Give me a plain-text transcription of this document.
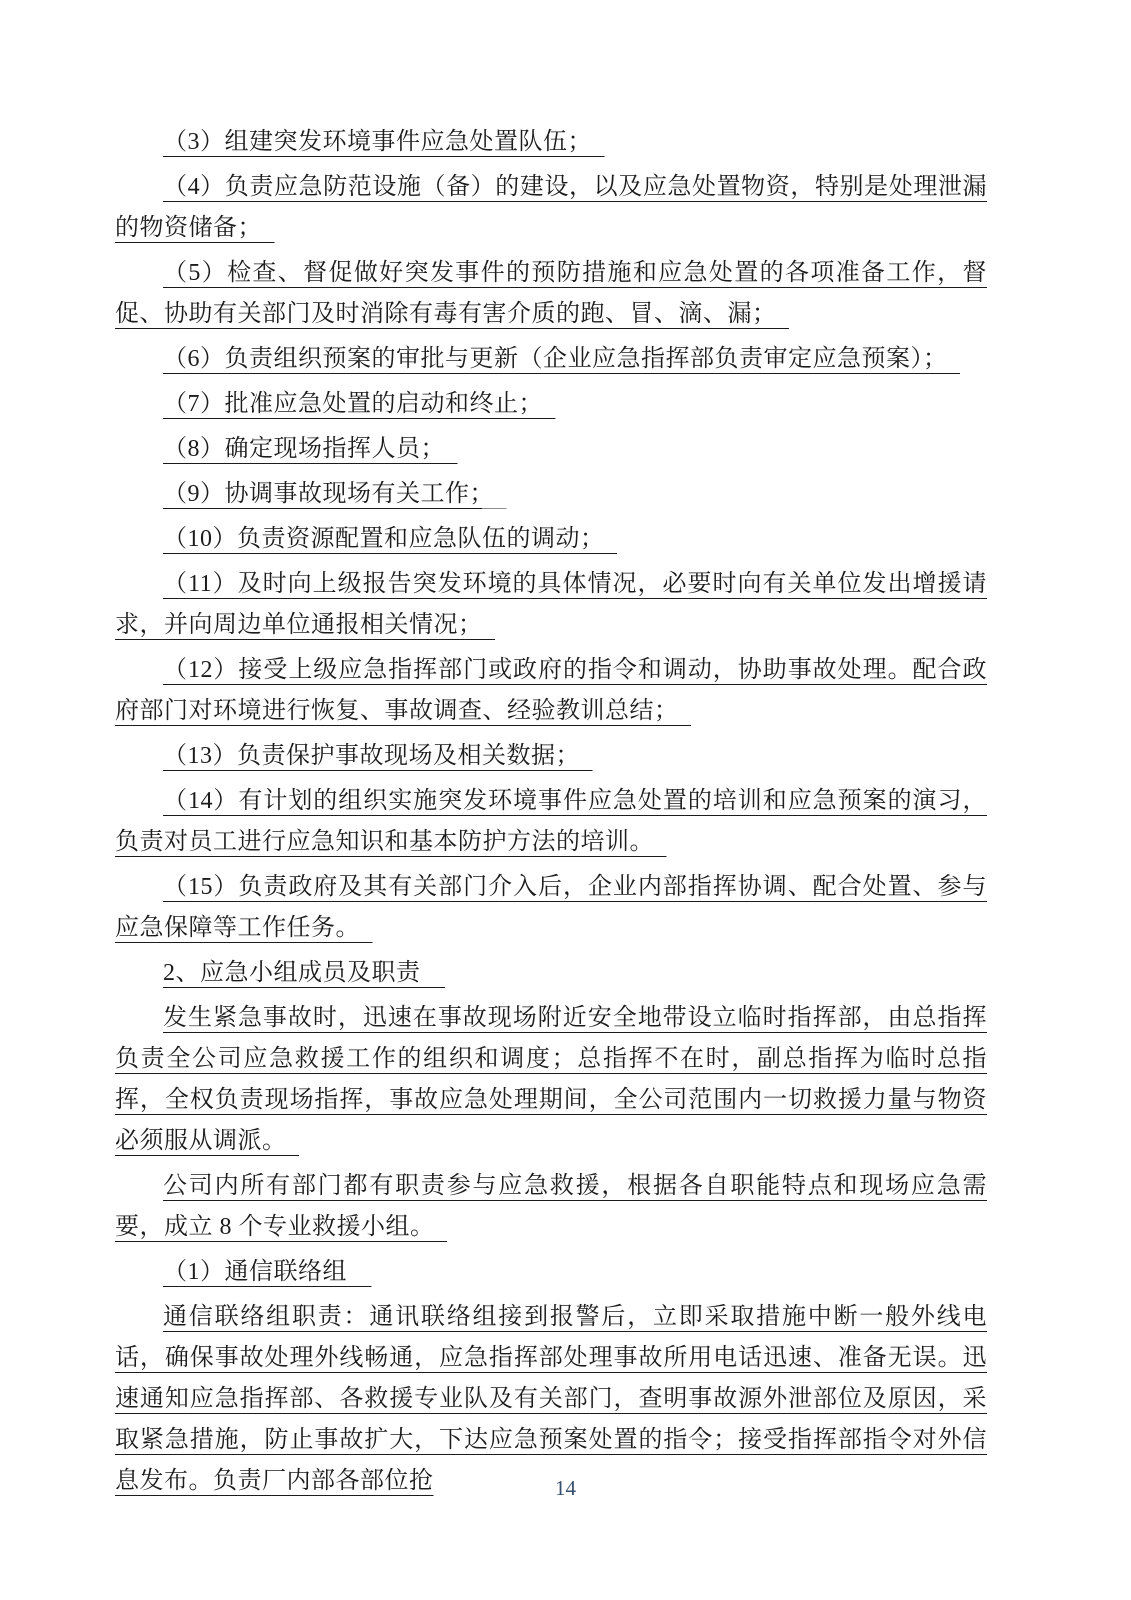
（3）组建突发环境事件应急处置队伍；

（4）负责应急防范设施（备）的建设，以及应急处置物资，特别是处理泄漏的物资储备；

（5）检查、督促做好突发事件的预防措施和应急处置的各项准备工作，督促、协助有关部门及时消除有毒有害介质的跑、冒、滴、漏；

（6）负责组织预案的审批与更新（企业应急指挥部负责审定应急预案）；

（7）批准应急处置的启动和终止；

（8）确定现场指挥人员；

（9）协调事故现场有关工作；

（10）负责资源配置和应急队伍的调动；

（11）及时向上级报告突发环境的具体情况，必要时向有关单位发出增援请求，并向周边单位通报相关情况；

（12）接受上级应急指挥部门或政府的指令和调动，协助事故处理。配合政府部门对环境进行恢复、事故调查、经验教训总结；

（13）负责保护事故现场及相关数据；

（14）有计划的组织实施突发环境事件应急处置的培训和应急预案的演习，负责对员工进行应急知识和基本防护方法的培训。

（15）负责政府及其有关部门介入后，企业内部指挥协调、配合处置、参与应急保障等工作任务。

2、应急小组成员及职责

发生紧急事故时，迅速在事故现场附近安全地带设立临时指挥部，由总指挥负责全公司应急救援工作的组织和调度；总指挥不在时，副总指挥为临时总指挥，全权负责现场指挥，事故应急处理期间，全公司范围内一切救援力量与物资必须服从调派。

公司内所有部门都有职责参与应急救援，根据各自职能特点和现场应急需要，成立 8 个专业救援小组。

（1）通信联络组

通信联络组职责：通讯联络组接到报警后，立即采取措施中断一般外线电话，确保事故处理外线畅通，应急指挥部处理事故所用电话迅速、准备无误。迅速通知应急指挥部、各救援专业队及有关部门，查明事故源外泄部位及原因，采取紧急措施，防止事故扩大，下达应急预案处置的指令；接受指挥部指令对外信息发布。负责厂内部各部位抢	14
